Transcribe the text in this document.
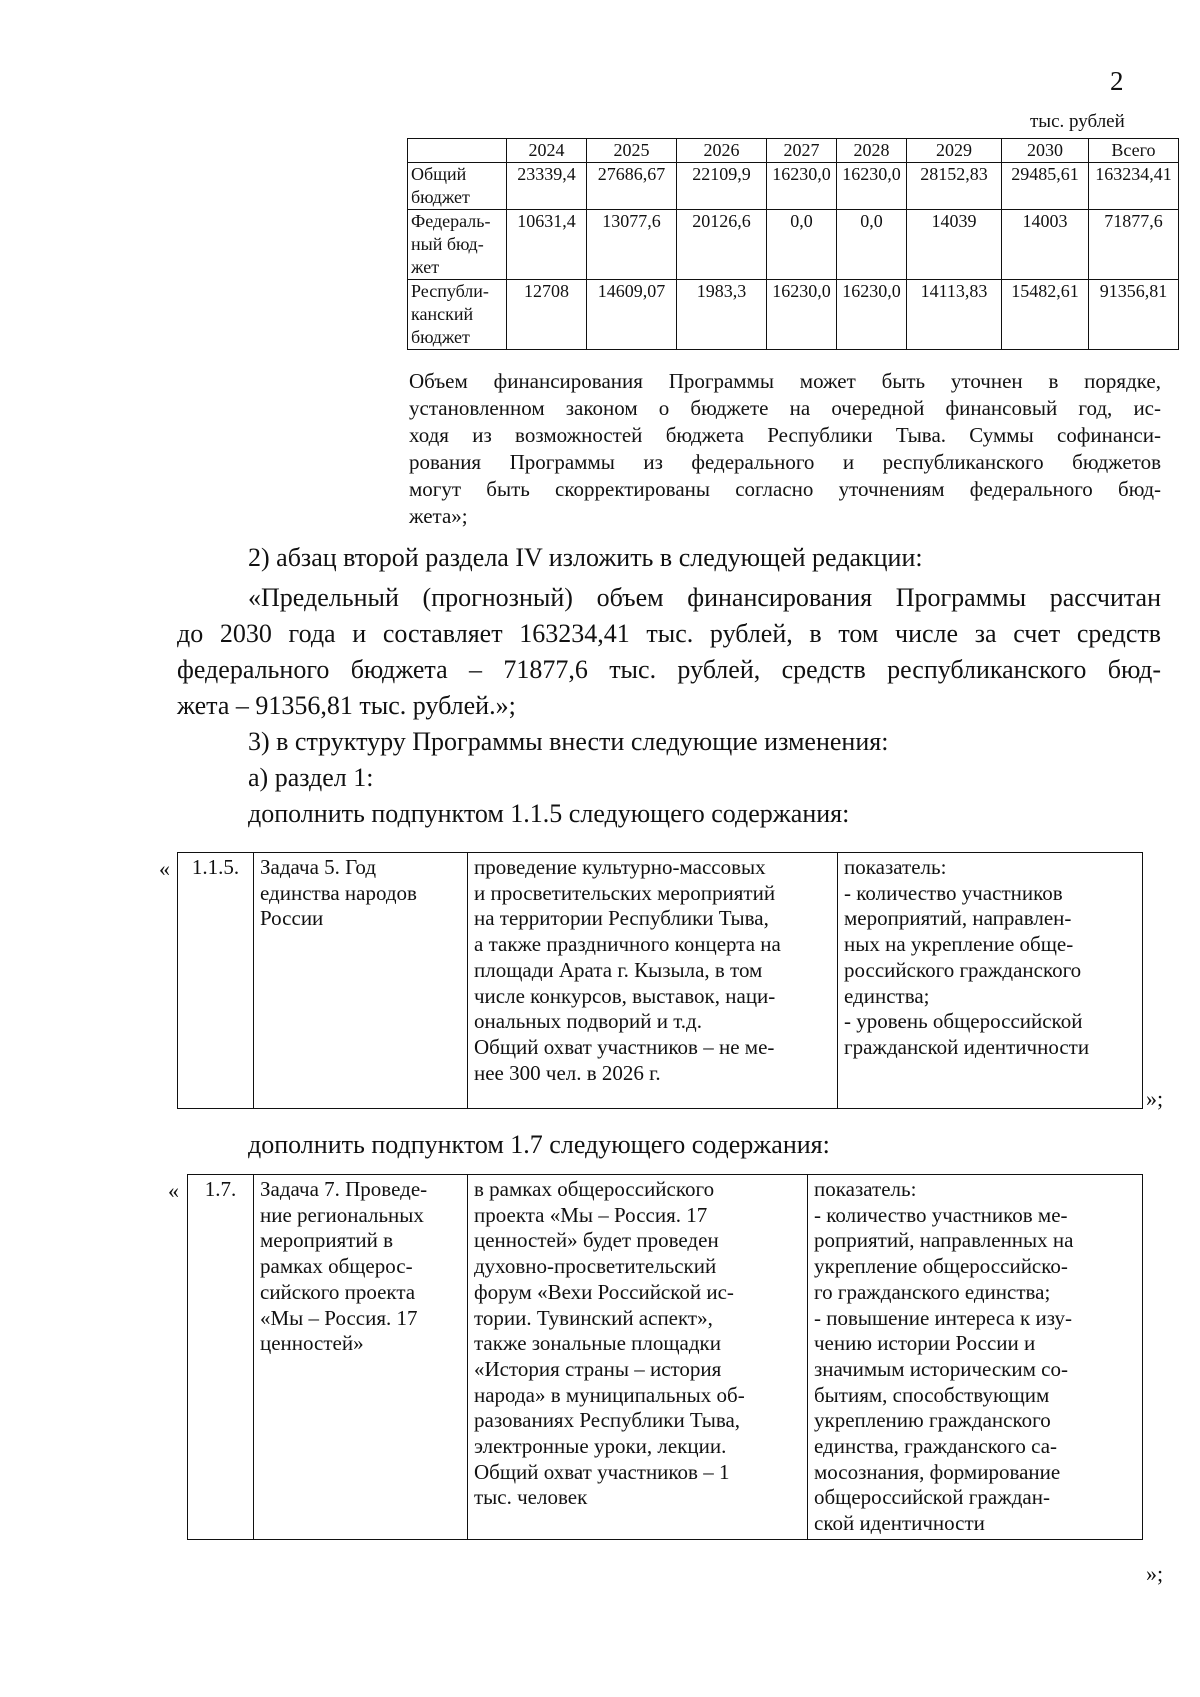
2
тыс. рублей
	2024	2025	2026	2027	2028	2029	2030	Всего

Общий
бюджет	23339,4	27686,67	22109,9	16230,0	16230,0	28152,83	29485,61	163234,41

Федераль-
ный бюд-
жет	10631,4	13077,6	20126,6	0,0	0,0	14039	14003	71877,6

Республи-
канский
бюджет	12708	14609,07	1983,3	16230,0	16230,0	14113,83	15482,61	91356,81
Объем финансирования Программы может быть уточнен в порядке,
установленном законом о бюджете на очередной финансовый год, ис-
ходя из возможностей бюджета Республики Тыва. Суммы софинанси-
рования Программы из федерального и республиканского бюджетов
могут быть скорректированы согласно уточнениям федерального бюд-
жета»;
2) абзац второй раздела IV изложить в следующей редакции:
«Предельный (прогнозный) объем финансирования Программы рассчитан
до 2030 года и составляет 163234,41 тыс. рублей, в том числе за счет средств
федерального бюджета – 71877,6 тыс. рублей, средств республиканского бюд-
жета – 91356,81 тыс. рублей.»;
3) в структуру Программы внести следующие изменения:
а) раздел 1:
дополнить подпунктом 1.1.5 следующего содержания:
« 1.1.5.	Задача 5. Год
единства народов
России

проведение культурно-массовых
и просветительских мероприятий
на территории Республики Тыва,
а также праздничного концерта на
площади Арата г. Кызыла, в том
числе конкурсов, выставок, наци-
ональных подворий и т.д.
Общий охват участников – не ме-
нее 300 чел. в 2026 г.

показатель:
- количество участников
мероприятий, направлен-
ных на укрепление обще-
российского гражданского
единства;
- уровень общероссийской
гражданской идентичности
»;
дополнить подпунктом 1.7 следующего содержания:
« 1.7.	Задача 7. Проведе-
ние региональных
мероприятий в
рамках общерос-
сийского проекта
«Мы – Россия. 17
ценностей»

в рамках общероссийского
проекта «Мы – Россия. 17
ценностей» будет проведен
духовно-просветительский
форум «Вехи Российской ис-
тории. Тувинский аспект»,
также зональные площадки
«История страны – история
народа» в муниципальных об-
разованиях Республики Тыва,
электронные уроки, лекции.
Общий охват участников – 1
тыс. человек

показатель:
- количество участников ме-
роприятий, направленных на
укрепление общероссийско-
го гражданского единства;
- повышение интереса к изу-
чению истории России и
значимым историческим со-
бытиям, способствующим
укреплению гражданского
единства, гражданского са-
мосознания, формирование
общероссийской граждан-
ской идентичности
»;
